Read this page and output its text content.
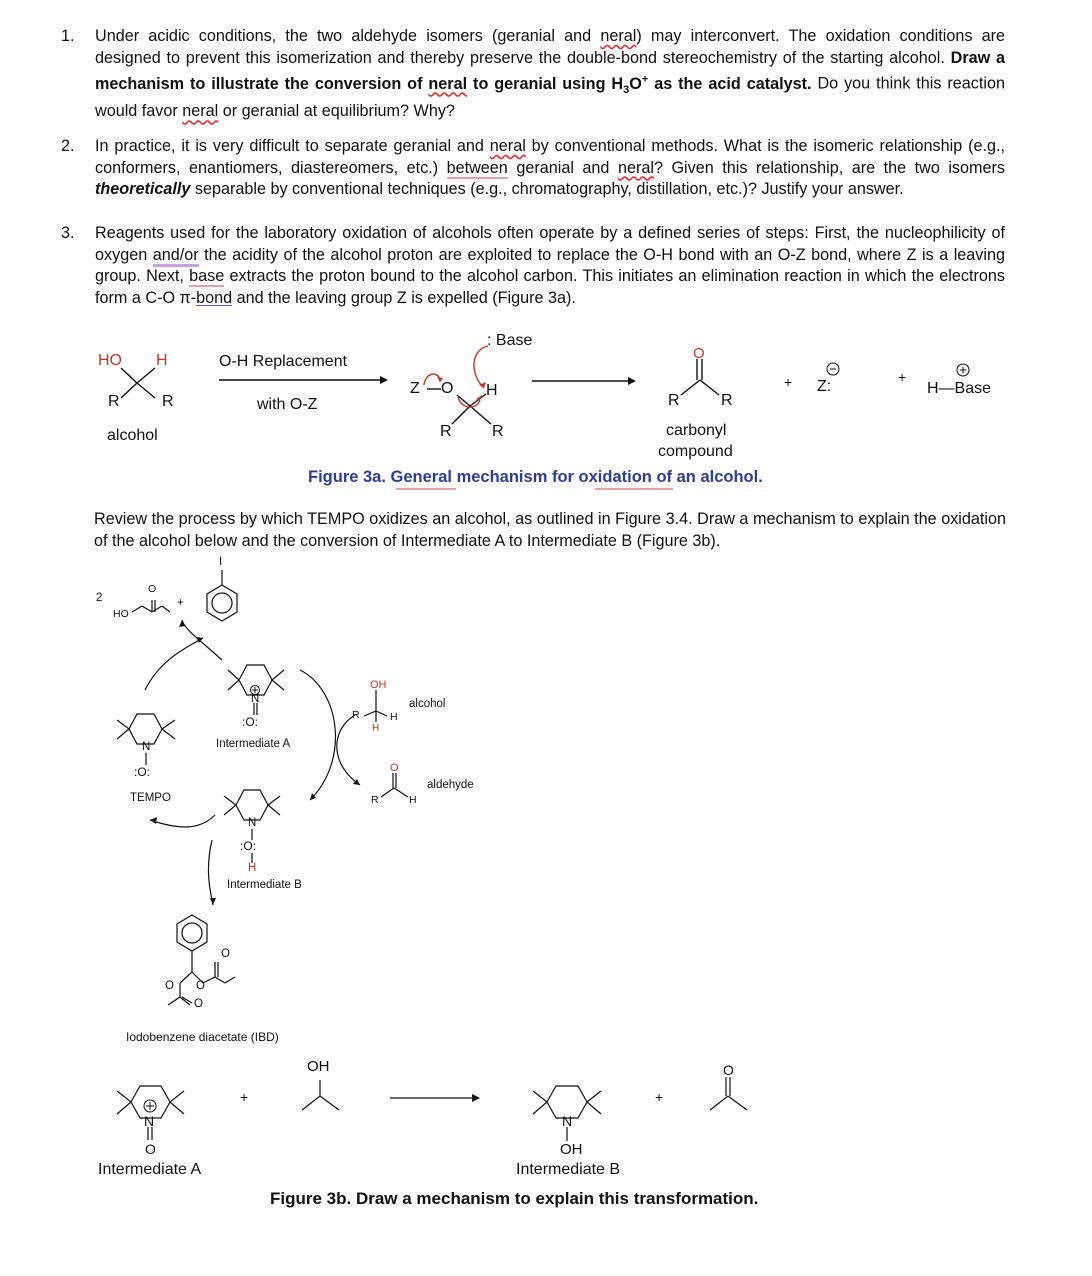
1. Under acidic conditions, the two aldehyde isomers (geranial and neral) may interconvert. The oxidation conditions are designed to prevent this isomerization and thereby preserve the double-bond stereochemistry of the starting alcohol. Draw a mechanism to illustrate the conversion of neral to geranial using $H_3O^+$ as the acid catalyst. Do you think this reaction would favor neral or geranial at equilibrium? Why?
2. In practice, it is very difficult to separate geranial and neral by conventional methods. What is the isomeric relationship (e.g., conformers, enantiomers, diastereomers, etc.) between geranial and neral? Given this relationship, are the two isomers theoretically separable by conventional techniques (e.g., chromatography, distillation, etc.)? Justify your answer.
3. Reagents used for the laboratory oxidation of alcohols often operate by a defined series of steps: First, the nucleophilicity of oxygen and/or the acidity of the alcohol proton are exploited to replace the O-H bond with an O-Z bond, where Z is a leaving group. Next, base extracts the proton bound to the alcohol carbon. This initiates an elimination reaction in which the electrons form a C-O π-bond and the leaving group Z is expelled (Figure 3a).
O
OH
H
O
O
HO H
R	R
alcohol
O-H Replacement
with O-Z
Z O H
R	R
: Base
R	R
carbonyl
compound
+ Z:
+
H—Base
Figure 3a. General mechanism for oxidation of an alcohol.
Review the process by which TEMPO oxidizes an alcohol, as outlined in Figure 3.4. Draw a mechanism to explain the oxidation of the alcohol below and the conversion of Intermediate A to Intermediate B (Figure 3b).
2
HO
O
+
I
N
:O:
Intermediate A
N
:O:
TEMPO
N
:O:
H
Intermediate B
R	H
alcohol
R	H
aldehyde
O
O O
O
Iodobenzene diacetate (IBD)
N
O
+
OH
N
OH
+
Intermediate A	Intermediate B
Figure 3b. Draw a mechanism to explain this transformation.
